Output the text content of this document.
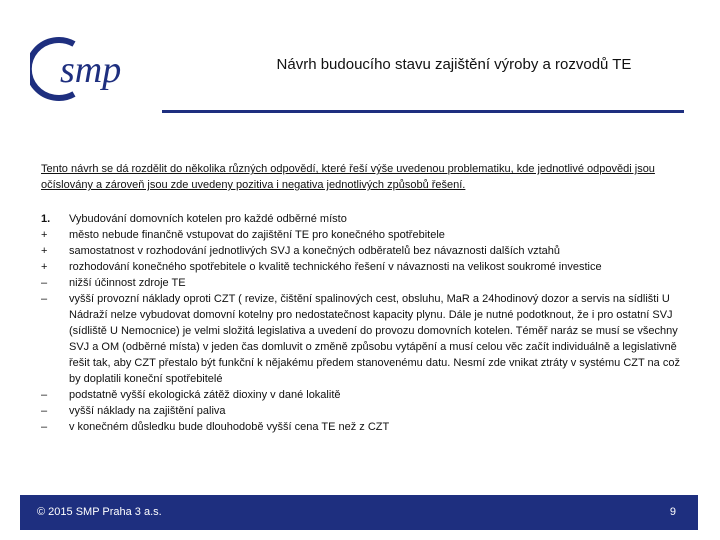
smp	Návrh budoucího stavu zajištění výroby a rozvodů TE
Tento návrh se dá rozdělit do několika různých odpovědí, které řeší výše uvedenou problematiku, kde jednotlivé odpovědi jsou očíslovány a zároveň jsou zde uvedeny pozitiva i negativa jednotlivých způsobů řešení.
1.	Vybudování domovních kotelen pro každé odběrné místo
+	město nebude finančně vstupovat do zajištění TE pro konečného spotřebitele
+	samostatnost v rozhodování jednotlivých SVJ a konečných odběratelů bez návaznosti dalších vztahů
+	rozhodování konečného spotřebitele o kvalitě technického řešení v návaznosti na velikost soukromé investice
–	nižší účinnost zdroje TE
–	vyšší provozní náklady oproti CZT ( revize, čištění spalinových cest, obsluhu, MaR a 24hodinový dozor a servis na sídlišti U Nádraží nelze vybudovat domovní kotelny pro nedostatečnost kapacity plynu. Dále je nutné podotknout, že i pro ostatní SVJ (sídliště U Nemocnice) je velmi složitá legislativa a uvedení do provozu domovních kotelen. Téměř naráz se musí se všechny SVJ a OM (odběrné místa) v jeden čas domluvit o změně způsobu vytápění a musí celou věc začít individuálně a legislativně řešit tak, aby CZT přestalo být funkční k nějakému předem stanovenému datu. Nesmí zde vnikat ztráty v systému CZT na což by doplatili koneční spotřebitelé
–	podstatně vyšší ekologická zátěž dioxiny v dané lokalitě
–	vyšší náklady na zajištění paliva
–	v konečném důsledku bude dlouhodobě vyšší cena TE než z CZT
© 2015 SMP Praha 3 a.s.	9
